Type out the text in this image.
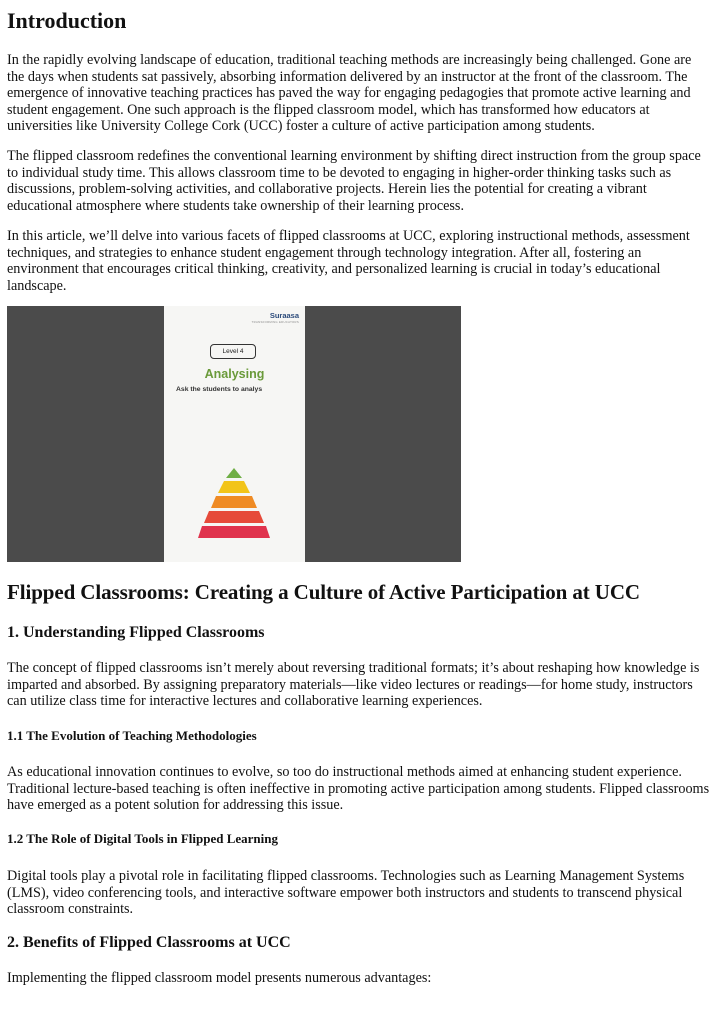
Introduction

In the rapidly evolving landscape of education, traditional teaching methods are increasingly being challenged. Gone are the days when students sat passively, absorbing information delivered by an instructor at the front of the classroom. The emergence of innovative teaching practices has paved the way for engaging pedagogies that promote active learning and student engagement. One such approach is the flipped classroom model, which has transformed how educators at universities like University College Cork (UCC) foster a culture of active participation among students.

The flipped classroom redefines the conventional learning environment by shifting direct instruction from the group space to individual study time. This allows classroom time to be devoted to engaging in higher-order thinking tasks such as discussions, problem-solving activities, and collaborative projects. Herein lies the potential for creating a vibrant educational atmosphere where students take ownership of their learning process.

In this article, we’ll delve into various facets of flipped classrooms at UCC, exploring instructional methods, assessment techniques, and strategies to enhance student engagement through technology integration. After all, fostering an environment that encourages critical thinking, creativity, and personalized learning is crucial in today’s educational landscape.

Suraasa
TRANSFORMING EDUCATORS
Level 4
Analysing
Ask the students to analys
Flipped Classrooms: Creating a Culture of Active Participation at UCC
1. Understanding Flipped Classrooms

The concept of flipped classrooms isn’t merely about reversing traditional formats; it’s about reshaping how knowledge is imparted and absorbed. By assigning preparatory materials—like video lectures or readings—for home study, instructors can utilize class time for interactive lectures and collaborative learning experiences.

1.1 The Evolution of Teaching Methodologies

As educational innovation continues to evolve, so too do instructional methods aimed at enhancing student experience. Traditional lecture-based teaching is often ineffective in promoting active participation among students. Flipped classrooms have emerged as a potent solution for addressing this issue.

1.2 The Role of Digital Tools in Flipped Learning

Digital tools play a pivotal role in facilitating flipped classrooms. Technologies such as Learning Management Systems (LMS), video conferencing tools, and interactive software empower both instructors and students to transcend physical classroom constraints.

2. Benefits of Flipped Classrooms at UCC

Implementing the flipped classroom model presents numerous advantages:
